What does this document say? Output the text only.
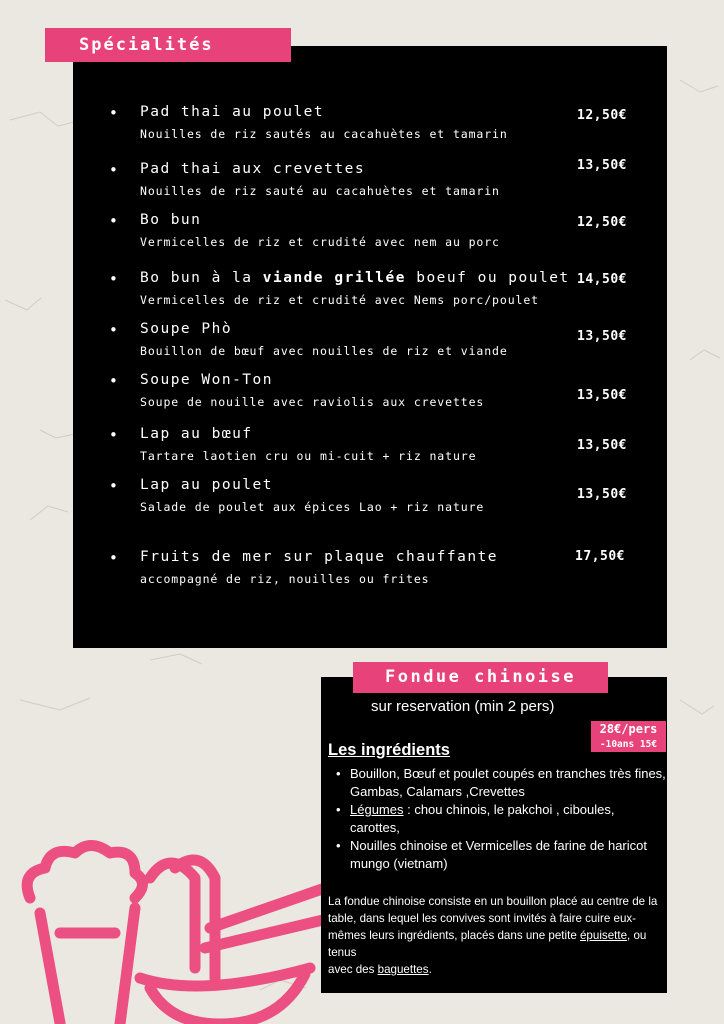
Spécialités
• Pad thai au poulet
Nouilles de riz sautés au cacahuètes et tamarin
12,50€
• Pad thai aux crevettes
Nouilles de riz sauté au cacahuètes et tamarin
13,50€
• Bo bun
Vermicelles de riz et crudité avec nem au porc
12,50€
• Bo bun à la viande grillée boeuf ou poulet
Vermicelles de riz et crudité avec Nems porc/poulet
14,50€
• Soupe Phò
Bouillon de bœuf avec nouilles de riz et viande
13,50€
• Soupe Won-Ton
Soupe de nouille avec raviolis aux crevettes	13,50€
• Lap au bœuf
Tartare laotien cru ou mi-cuit + riz nature
13,50€
• Lap au poulet
Salade de poulet aux épices Lao + riz nature
13,50€
• Fruits de mer sur plaque chauffante
accompagné de riz, nouilles ou frites
17,50€
Fondue chinoise
sur reservation (min 2 pers)
28€/pers
-10ans 15€
Les ingrédients
• Bouillon, Bœuf et poulet coupés en tranches très fines, Gambas, Calamars ,Crevettes
• Légumes : chou chinois, le pakchoi , ciboules, carottes,
• Nouilles chinoise et Vermicelles de farine de haricot mungo (vietnam)
La fondue chinoise consiste en un bouillon placé au centre de la table, dans lequel les convives sont invités à faire cuire eux-mêmes leurs ingrédients, placés dans une petite épuisette, ou tenus
avec des baguettes.
